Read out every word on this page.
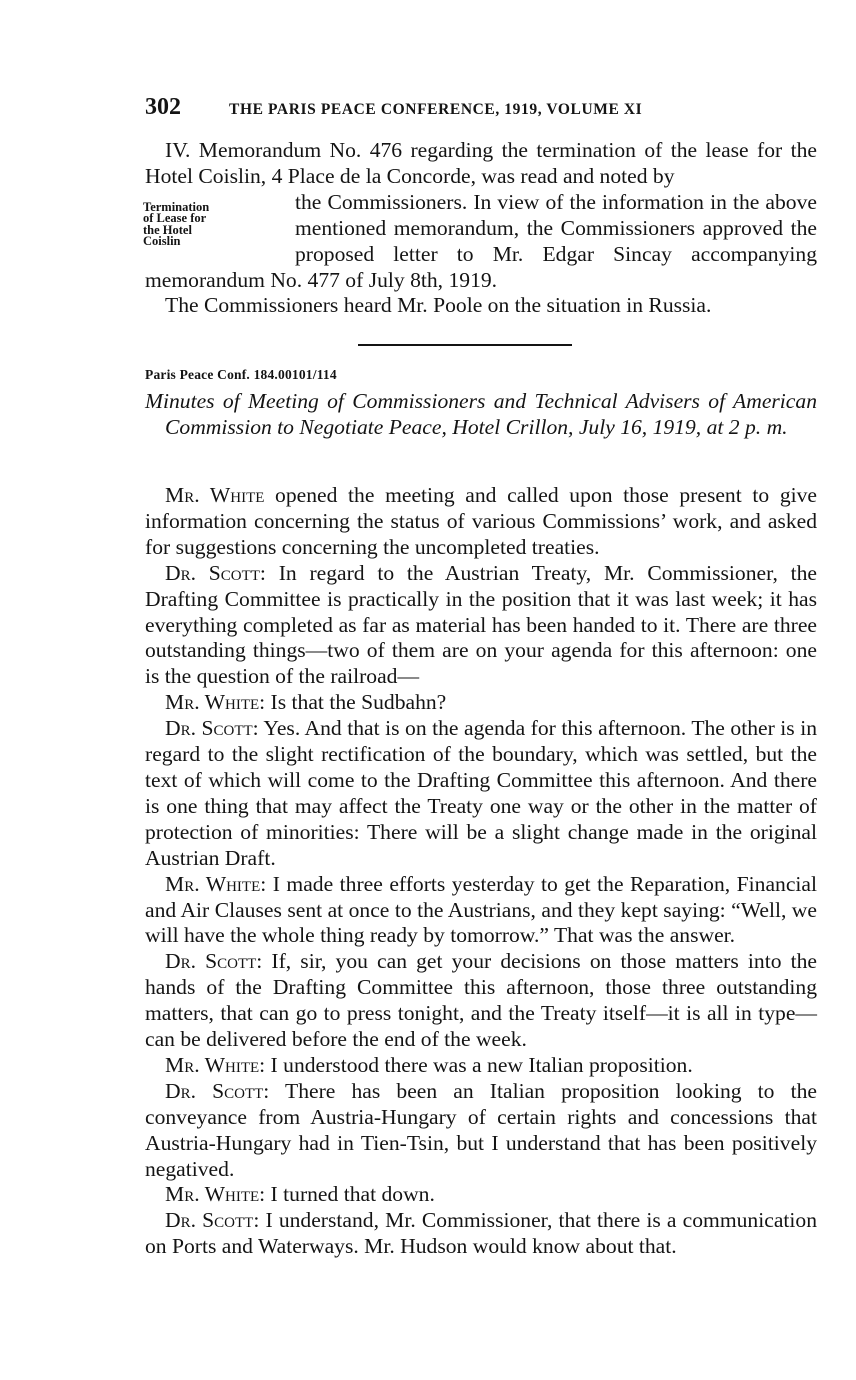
302	THE PARIS PEACE CONFERENCE, 1919, VOLUME XI

IV. Memorandum No. 476 regarding the termination of the lease for the Hotel Coislin, 4 Place de la Concorde, was read and noted by

Termination
of Lease for
the Hotel
Coislin
the Commissioners. In view of the information in the above mentioned memorandum, the Commissioners approved the proposed letter to Mr. Edgar Sincay accompanying memorandum No. 477 of July 8th, 1919.

The Commissioners heard Mr. Poole on the situation in Russia.

Paris Peace Conf. 184.00101/114
Minutes of Meeting of Commissioners and Technical Advisers of American Commission to Negotiate Peace, Hotel Crillon, July 16, 1919, at 2 p. m.

Mr. White opened the meeting and called upon those present to give information concerning the status of various Commissions’ work, and asked for suggestions concerning the uncompleted treaties.

Dr. Scott: In regard to the Austrian Treaty, Mr. Commissioner, the Drafting Committee is practically in the position that it was last week; it has everything completed as far as material has been handed to it. There are three outstanding things—two of them are on your agenda for this afternoon: one is the question of the railroad—

Mr. White: Is that the Sudbahn?

Dr. Scott: Yes. And that is on the agenda for this afternoon. The other is in regard to the slight rectification of the boundary, which was settled, but the text of which will come to the Drafting Committee this afternoon. And there is one thing that may affect the Treaty one way or the other in the matter of protection of minorities: There will be a slight change made in the original Austrian Draft.

Mr. White: I made three efforts yesterday to get the Reparation, Financial and Air Clauses sent at once to the Austrians, and they kept saying: “Well, we will have the whole thing ready by tomorrow.” That was the answer.

Dr. Scott: If, sir, you can get your decisions on those matters into the hands of the Drafting Committee this afternoon, those three outstanding matters, that can go to press tonight, and the Treaty itself—it is all in type—can be delivered before the end of the week.

Mr. White: I understood there was a new Italian proposition.

Dr. Scott: There has been an Italian proposition looking to the conveyance from Austria-Hungary of certain rights and concessions that Austria-Hungary had in Tien-Tsin, but I understand that has been positively negatived.

Mr. White: I turned that down.

Dr. Scott: I understand, Mr. Commissioner, that there is a communication on Ports and Waterways. Mr. Hudson would know about that.
